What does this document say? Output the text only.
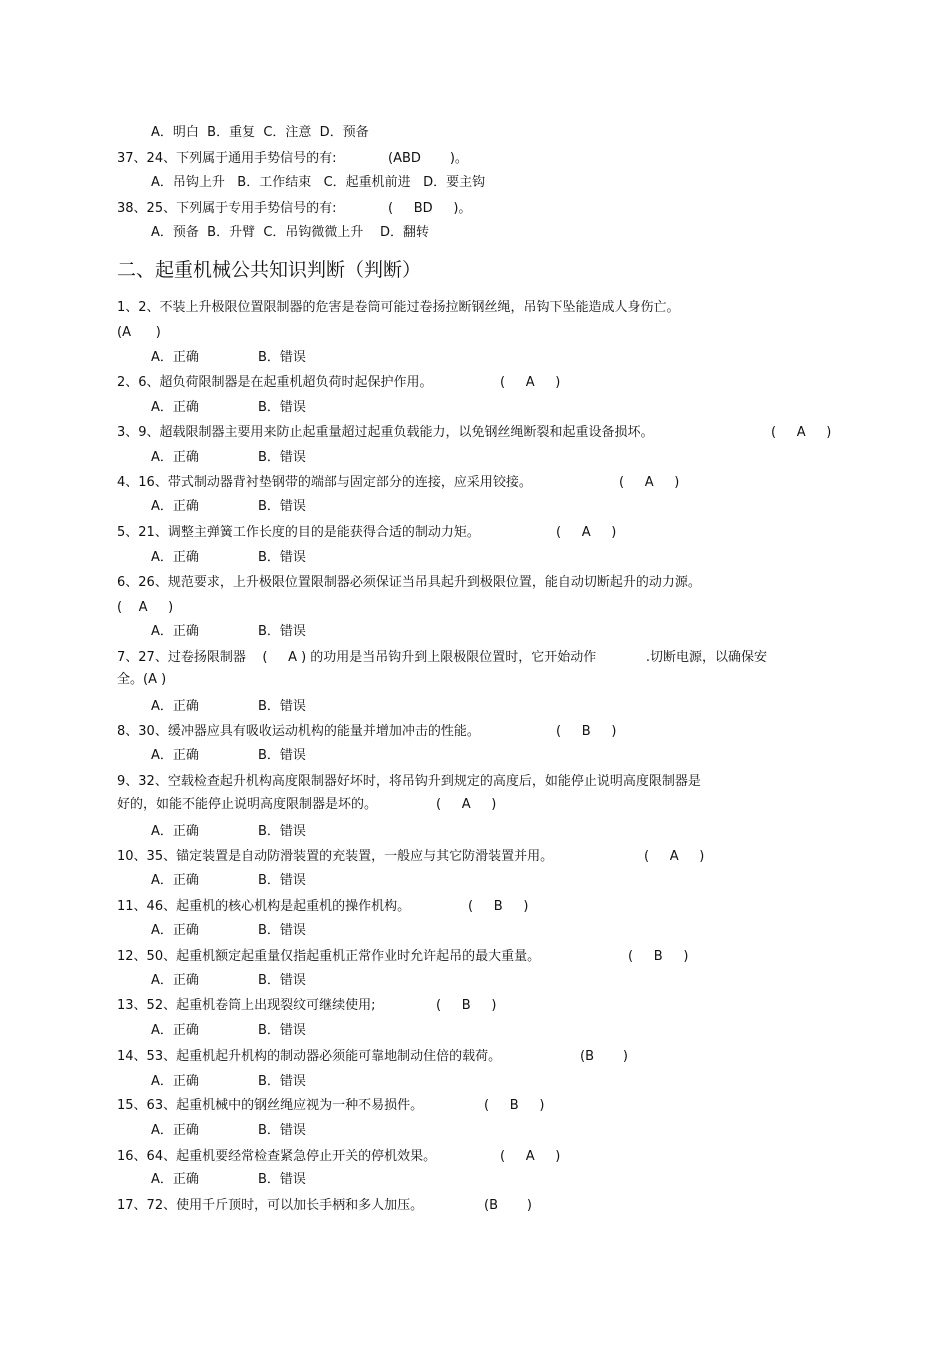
A．明白  B．重复  C．注意  D．预备
37、24、下列属于通用手势信号的有:	(ABD       )。
A．吊钩上升   B．工作结束   C．起重机前进   D．要主钩
38、25、下列属于专用手势信号的有:	(     BD     )。
A．预备  B．升臂  C．吊钩微微上升    D．翻转
二、起重机械公共知识判断（判断）
1、2、不装上升极限位置限制器的危害是卷筒可能过卷扬拉断钢丝绳，吊钩下坠能造成人身伤亡。
(A      )
A．正确	B．错误
2、6、超负荷限制器是在起重机超负荷时起保护作用。	(     A     )
A．正确	B．错误
3、9、超载限制器主要用来防止起重量超过起重负载能力，以免钢丝绳断裂和起重设备损坏。	(     A     )
A．正确	B．错误
4、16、带式制动器背衬垫钢带的端部与固定部分的连接，应采用铰接。	(     A     )
A．正确	B．错误
5、21、调整主弹簧工作长度的目的是能获得合适的制动力矩。	(     A     )
A．正确	B．错误
6、26、规范要求，上升极限位置限制器必须保证当吊具起升到极限位置，能自动切断起升的动力源。
(    A     )
A．正确	B．错误
7、27、过卷扬限制器    (     A ) 的功用是当吊钩升到上限极限位置时，它开始动作            .切断电源，以确保安
全。(A )
A．正确	B．错误
8、30、缓冲器应具有吸收运动机构的能量并增加冲击的性能。	(     B     )
A．正确	B．错误
9、32、空载检查起升机构高度限制器好坏时，将吊钩升到规定的高度后，如能停止说明高度限制器是
好的，如能不能停止说明高度限制器是坏的。	(     A     )
A．正确	B．错误
10、35、锚定装置是自动防滑装置的充装置，一般应与其它防滑装置并用。	(     A     )
A．正确	B．错误
11、46、起重机的核心机构是起重机的操作机构。	(     B     )
A．正确	B．错误
12、50、起重机额定起重量仅指起重机正常作业时允许起吊的最大重量。	(     B     )
A．正确	B．错误
13、52、起重机卷筒上出现裂纹可继续使用;	(     B     )
A．正确	B．错误
14、53、起重机起升机构的制动器必须能可靠地制动住倍的载荷。	(B       )
A．正确	B．错误
15、63、起重机械中的钢丝绳应视为一种不易损件。	(     B     )
A．正确	B．错误
16、64、起重机要经常检查紧急停止开关的停机效果。	(     A     )
A．正确	B．错误
17、72、使用千斤顶时，可以加长手柄和多人加压。	(B       )
